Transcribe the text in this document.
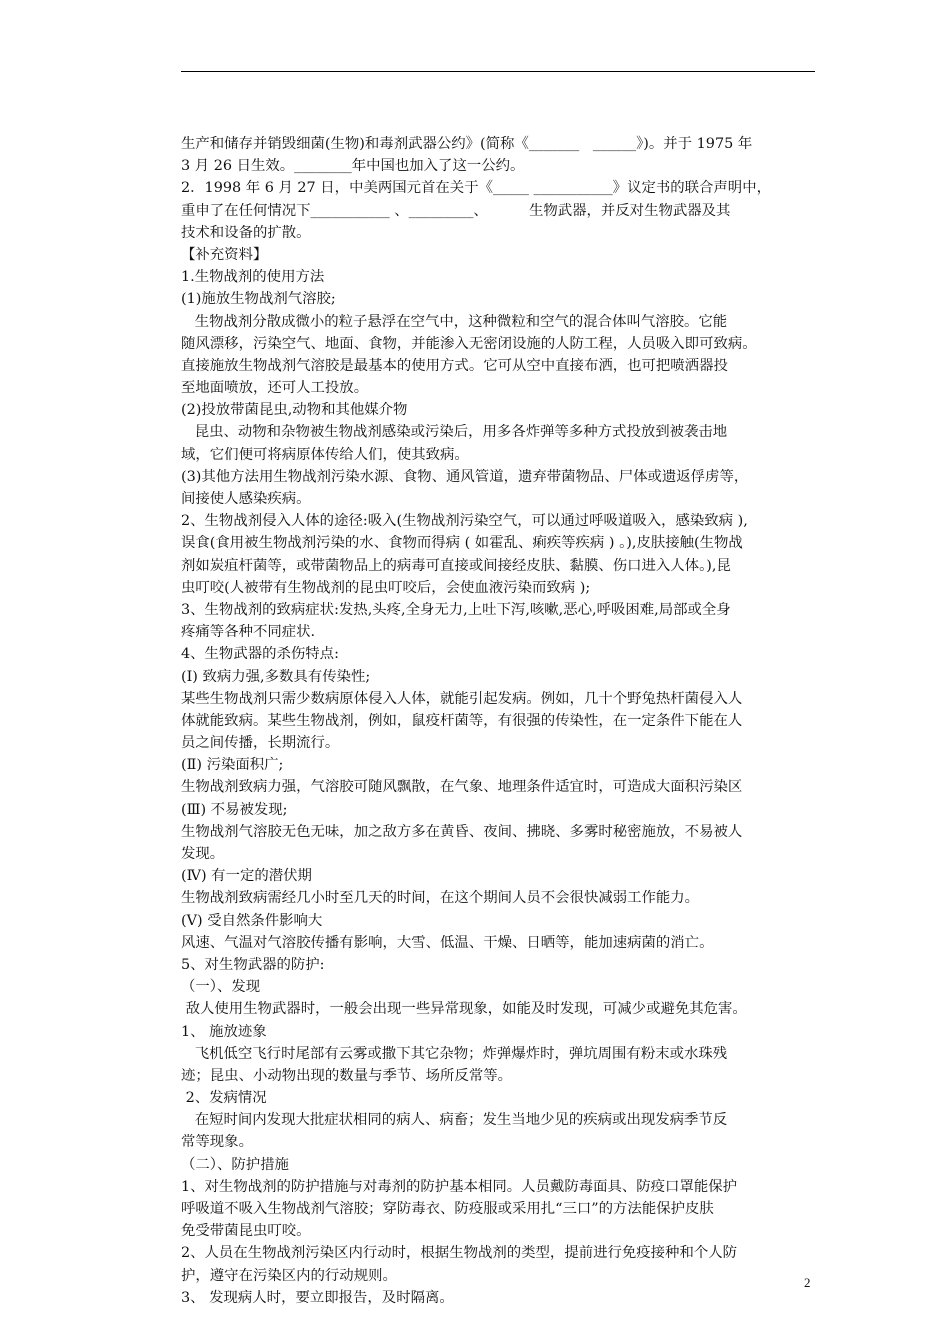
生产和储存并销毁细菌(生物)和毒剂武器公约》(简称《_______   ______》)。并于 1975 年
3 月 26 日生效。________年中国也加入了这一公约。
2．1998 年 6 月 27 日，中美两国元首在关于《_____ ___________》议定书的联合声明中，
重申了在任何情况下___________ 、_________、         生物武器，并反对生物武器及其
技术和设备的扩散。
【补充资料】
1.生物战剂的使用方法
(1)施放生物战剂气溶胶;
生物战剂分散成微小的粒子悬浮在空气中，这种微粒和空气的混合体叫气溶胶。它能
随风漂移，污染空气、地面、食物，并能渗入无密闭设施的人防工程，人员吸入即可致病。
直接施放生物战剂气溶胶是最基本的使用方式。它可从空中直接布洒，也可把喷洒器投
至地面喷放，还可人工投放。
(2)投放带菌昆虫,动物和其他媒介物
昆虫、动物和杂物被生物战剂感染或污染后，用多各炸弹等多种方式投放到被袭击地
域，它们便可将病原体传给人们，使其致病。
(3)其他方法用生物战剂污染水源、食物、通风管道，遗弃带菌物品、尸体或遗返俘虏等，
间接使人感染疾病。
2、生物战剂侵入人体的途径:吸入(生物战剂污染空气，可以通过呼吸道吸入，感染致病 ),
误食(食用被生物战剂污染的水、食物而得病 ( 如霍乱、痢疾等疾病 ) 。),皮肤接触(生物战
剂如炭疽杆菌等，或带菌物品上的病毒可直接或间接经皮肤、黏膜、伤口进入人体。),昆
虫叮咬(人被带有生物战剂的昆虫叮咬后，会使血液污染而致病 );
3、生物战剂的致病症状:发热,头疼,全身无力,上吐下泻,咳嗽,恶心,呼吸困难,局部或全身
疼痛等各种不同症状.
4、生物武器的杀伤特点:
(Ⅰ) 致病力强,多数具有传染性;
某些生物战剂只需少数病原体侵入人体，就能引起发病。例如，几十个野兔热杆菌侵入人
体就能致病。某些生物战剂，例如，鼠疫杆菌等，有很强的传染性，在一定条件下能在人
员之间传播，长期流行。
(Ⅱ) 污染面积广;
生物战剂致病力强，气溶胶可随风飘散，在气象、地理条件适宜时，可造成大面积污染区
(Ⅲ) 不易被发现;
生物战剂气溶胶无色无味，加之敌方多在黄昏、夜间、拂晓、多雾时秘密施放，不易被人
发现。
(Ⅳ) 有一定的潜伏期
生物战剂致病需经几小时至几天的时间，在这个期间人员不会很快减弱工作能力。
(Ⅴ) 受自然条件影响大
风速、气温对气溶胶传播有影响，大雪、低温、干燥、日晒等，能加速病菌的消亡。
5、对生物武器的防护:
（一）、发现
敌人使用生物武器时，一般会出现一些异常现象，如能及时发现，可减少或避免其危害。
1、 施放迹象
飞机低空飞行时尾部有云雾或撒下其它杂物；炸弹爆炸时，弹坑周围有粉末或水珠残
迹；昆虫、小动物出现的数量与季节、场所反常等。
2、发病情况
在短时间内发现大批症状相同的病人、病畜；发生当地少见的疾病或出现发病季节反
常等现象。
（二）、防护措施
1、对生物战剂的防护措施与对毒剂的防护基本相同。人员戴防毒面具、防疫口罩能保护
呼吸道不吸入生物战剂气溶胶；穿防毒衣、防疫服或采用扎“三口”的方法能保护皮肤
免受带菌昆虫叮咬。
2、人员在生物战剂污染区内行动时，根据生物战剂的类型，提前进行免疫接种和个人防
护，遵守在污染区内的行动规则。
3、 发现病人时，要立即报告，及时隔离。
2
